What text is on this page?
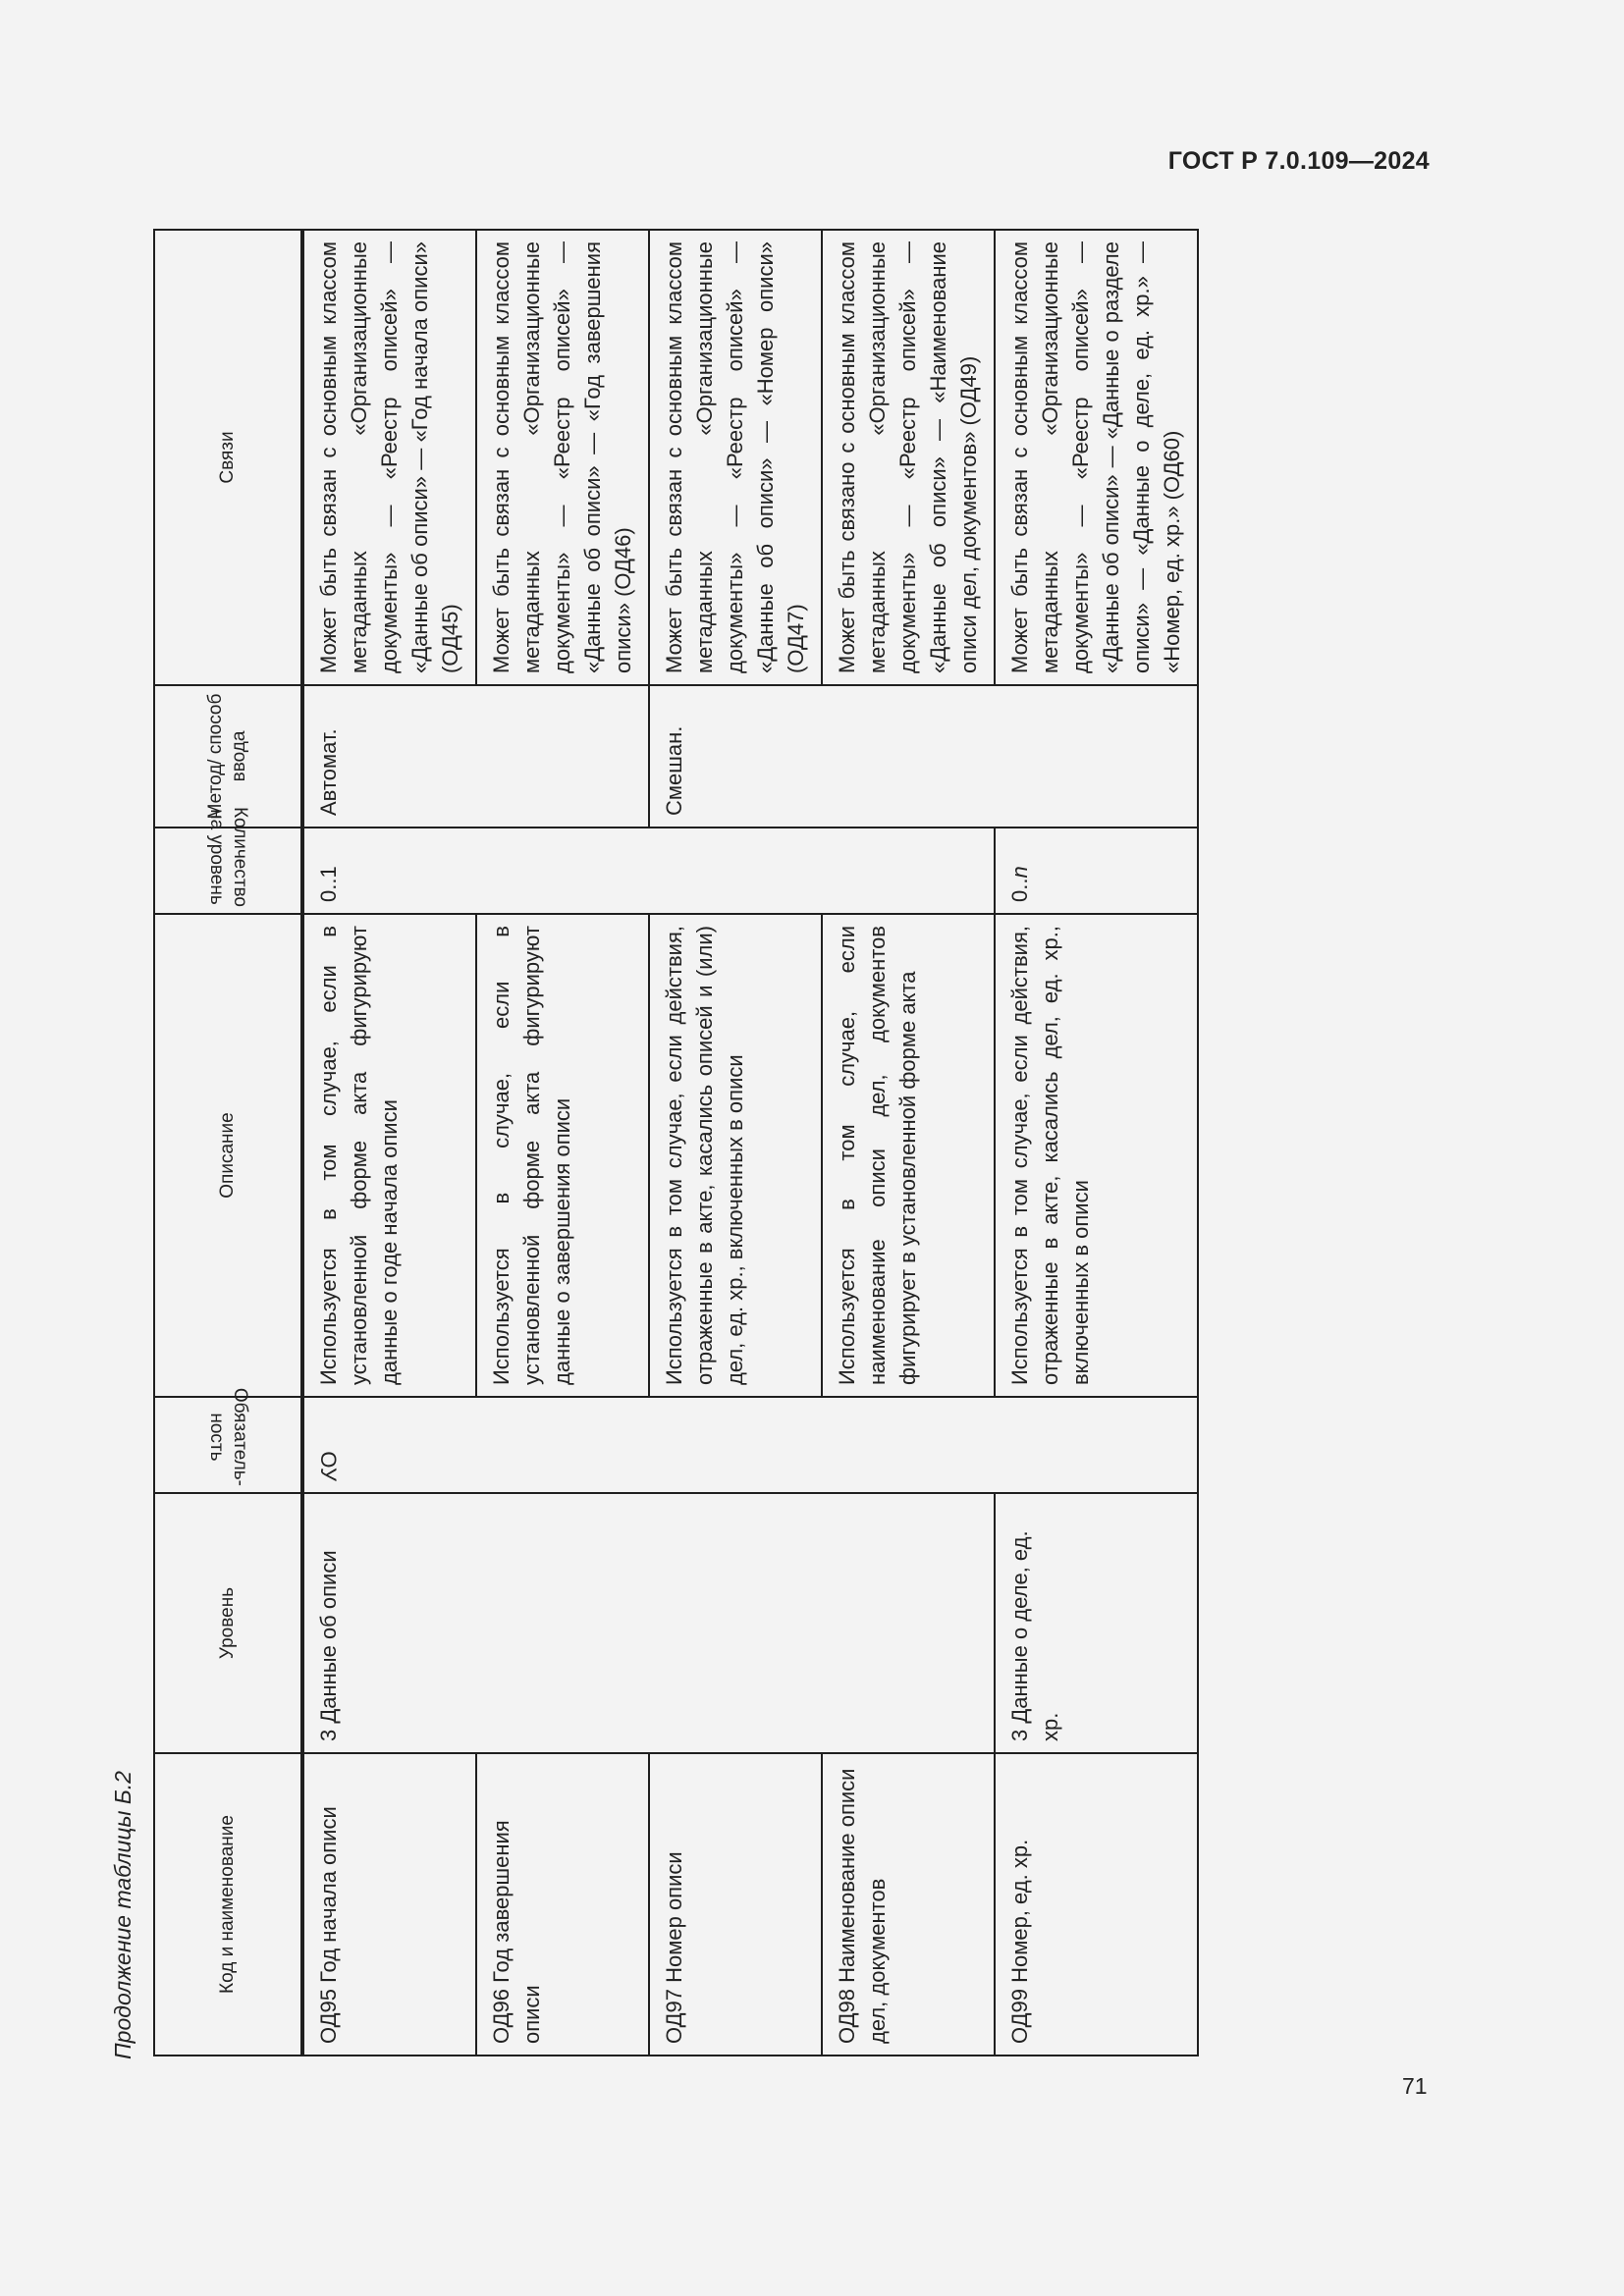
ГОСТ Р 7.0.109—2024
Продолжение таблицы Б.2	Код и наименование	Уровень	Обязатель-ность	Описание	Количество на уровень	Метод/ способ ввода	Связи
ОД95 Год начала описи	3 Данные об описи	ОУ	Используется в том случае, если в установленной форме акта фигурируют данные о годе начала описи	0..1	Автомат.	Может быть связан с основным классом метаданных «Организационные документы» — «Реестр описей» — «Данные об описи» — «Год начала описи» (ОД45)
ОД96 Год завершения описи			Используется в случае, если в установленной форме акта фигурируют данные о завершения описи			Может быть связан с основным классом метаданных «Организационные документы» — «Реестр описей» — «Данные об описи» — «Год завершения описи» (ОД46)
ОД97 Номер описи			Используется в том случае, если действия, отраженные в акте, касались описей и (или) дел, ед. хр., включенных в описи		Смешан.	Может быть связан с основным классом метаданных «Организационные документы» — «Реестр описей» — «Данные об описи» — «Номер описи» (ОД47)
ОД98 Наименование описи дел, документов			Используется в том случае, если наименование описи дел, документов фигурирует в установленной форме акта			Может быть связано с основным классом метаданных «Организационные документы» — «Реестр описей» — «Данные об описи» — «Наименование описи дел, документов» (ОД49)
ОД99 Номер, ед. хр.	3 Данные о деле, ед. хр.		Используется в том случае, если действия, отраженные в акте, касались дел, ед. хр., включенных в описи	0..n		Может быть связан с основным классом метаданных «Организационные документы» — «Реестр описей» — «Данные об описи» — «Данные о разделе описи» — «Данные о деле, ед. хр.» — «Номер, ед. хр.» (ОД60)
71
